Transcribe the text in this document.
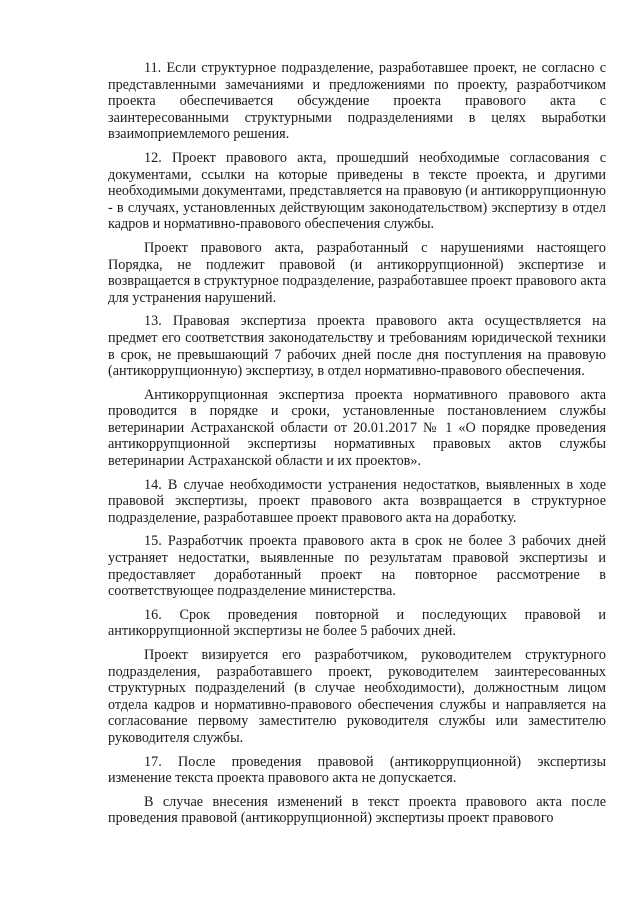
11. Если структурное подразделение, разработавшее проект, не согласно с представленными замечаниями и предложениями по проекту, разработчиком проекта обеспечивается обсуждение проекта правового акта с заинтересованными структурными подразделениями в целях выработки взаимоприемлемого решения.

12. Проект правового акта, прошедший необходимые согласования с документами, ссылки на которые приведены в тексте проекта, и другими необходимыми документами, представляется на правовую (и антикоррупционную - в случаях, установленных действующим законодательством) экспертизу в отдел кадров и нормативно-правового обеспечения службы.

Проект правового акта, разработанный с нарушениями настоящего Порядка, не подлежит правовой (и антикоррупционной) экспертизе и возвращается в структурное подразделение, разработавшее проект правового акта для устранения нарушений.

13. Правовая экспертиза проекта правового акта осуществляется на предмет его соответствия законодательству и требованиям юридической техники в срок, не превышающий 7 рабочих дней после дня поступления на правовую (антикоррупционную) экспертизу, в отдел нормативно-правового обеспечения.

Антикоррупционная экспертиза проекта нормативного правового акта проводится в порядке и сроки, установленные постановлением службы ветеринарии Астраханской области от 20.01.2017 № 1 «О порядке проведения антикоррупционной экспертизы нормативных правовых актов службы ветеринарии Астраханской области и их проектов».

14. В случае необходимости устранения недостатков, выявленных в ходе правовой экспертизы, проект правового акта возвращается в структурное подразделение, разработавшее проект правового акта на доработку.

15. Разработчик проекта правового акта в срок не более 3 рабочих дней устраняет недостатки, выявленные по результатам правовой экспертизы и предоставляет доработанный проект на повторное рассмотрение в соответствующее подразделение министерства.

16. Срок проведения повторной и последующих правовой и антикоррупционной экспертизы не более 5 рабочих дней.

Проект визируется его разработчиком, руководителем структурного подразделения, разработавшего проект, руководителем заинтересованных структурных подразделений (в случае необходимости), должностным лицом отдела кадров и нормативно-правового обеспечения службы и направляется на согласование первому заместителю руководителя службы или заместителю руководителя службы.

17. После проведения правовой (антикоррупционной) экспертизы изменение текста проекта правового акта не допускается.

В случае внесения изменений в текст проекта правового акта после проведения правовой (антикоррупционной) экспертизы проект правового
